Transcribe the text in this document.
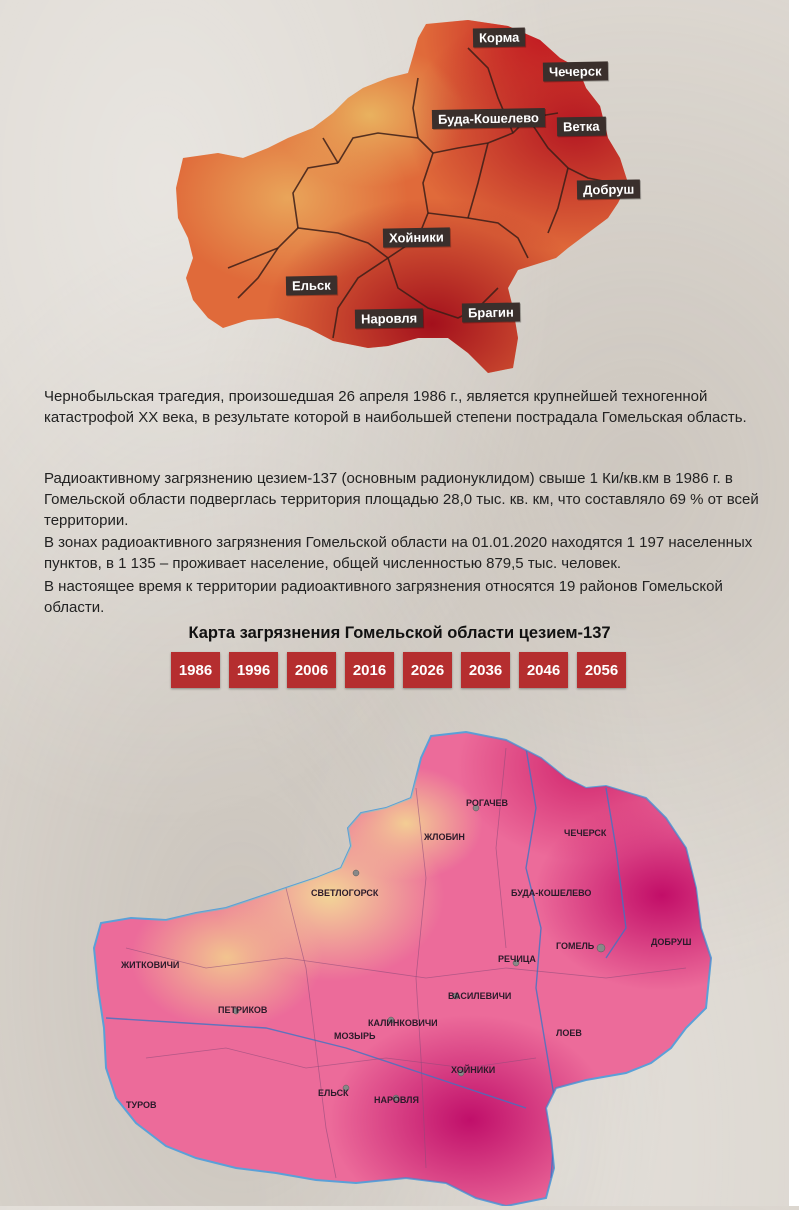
Корма
Чечерск
Буда-Кошелево	Ветка
Добруш
Хойники
Ельск
Наровля	Брагин

Чернобыльская трагедия, произошедшая 26 апреля 1986 г., является крупнейшей техногенной катастрофой XX века, в результате которой в наибольшей степени пострадала Гомельская область.

Радиоактивному загрязнению цезием-137 (основным радионуклидом) свыше 1 Ки/кв.км в 1986 г. в Гомельской области подверглась территория площадью 28,0 тыс. кв. км, что составляло 69 % от всей территории.

В зонах радиоактивного загрязнения Гомельской области на 01.01.2020 находятся 1 197 населенных пунктов, в 1 135 – проживает население, общей численностью 879,5 тыс. человек.

В настоящее время к территории радиоактивного загрязнения относятся 19 районов Гомельской области.

Карта загрязнения Гомельской области цезием-137
1986	1996	2006	2016	2026	2036	2046	2056
ЖЛОБИН
СВЕТЛОГОРСК
ЧЕЧЕРСК
БУДА-КОШЕЛЕВО
ГОМЕЛЬ	ДОБРУШ
РЕЧИЦА
ВАСИЛЕВИЧИ
ПЕТРИКОВ
ЖИТКОВИЧИ
КАЛИНКОВИЧИ
МОЗЫРЬ
ЕЛЬСК
НАРОВЛЯ
ХОЙНИКИ
ТУРОВ
ЛОЕВ
РОГАЧЕВ
